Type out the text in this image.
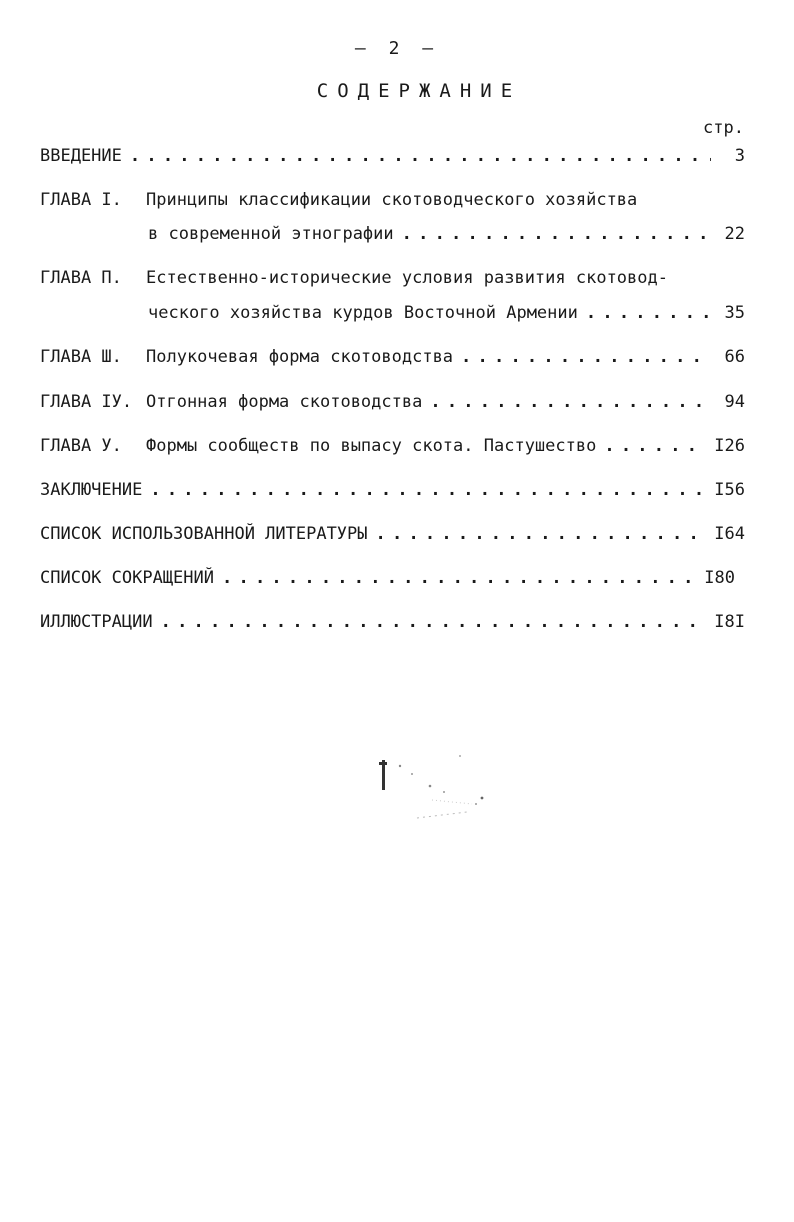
– 2 –
СОДЕРЖАНИЕ
стр.
ВВЕДЕНИЕ . . .	3
ГЛАВА I.	Принципы классификации скотоводческого хозяйства
в современной этнографии . . .	22
ГЛАВА П.	Естественно-исторические условия развития скотовод-
ческого хозяйства курдов Восточной Армении . . .	35
ГЛАВА Ш.	Полукочевая форма скотоводства . . .	66
ГЛАВА IУ. Отгонная форма скотоводства . . .	94
ГЛАВА У.	Формы сообществ по выпасу скота. Пастушество . . .	I26
ЗАКЛЮЧЕНИЕ . . .	I56
СПИСОК ИСПОЛЬЗОВАННОЙ ЛИТЕРАТУРЫ . . .	I64
СПИСОК СОКРАЩЕНИЙ . . .	I80
ИЛЛЮСТРАЦИИ . . .	I8I
